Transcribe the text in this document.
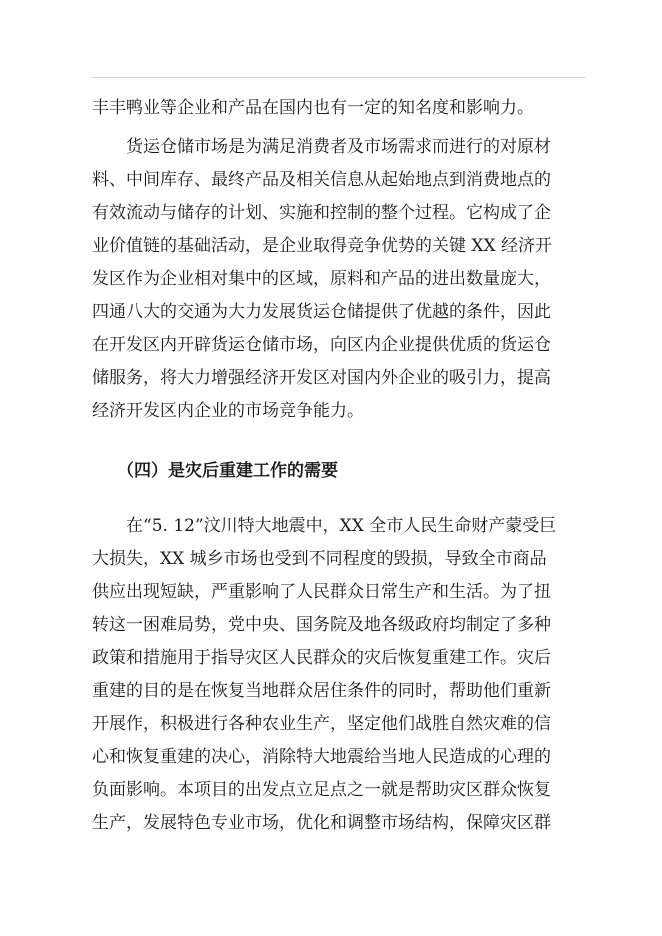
丰丰鸭业等企业和产品在国内也有一定的知名度和影响力。
货运仓储市场是为满足消费者及市场需求而进行的对原材
料、中间库存、最终产品及相关信息从起始地点到消费地点的
有效流动与储存的计划、实施和控制的整个过程。它构成了企
业价值链的基础活动，是企业取得竞争优势的关键 XX 经济开
发区作为企业相对集中的区域，原料和产品的进出数量庞大，
四通八大的交通为大力发展货运仓储提供了优越的条件，因此
在开发区内开辟货运仓储市场，向区内企业提供优质的货运仓
储服务，将大力增强经济开发区对国内外企业的吸引力，提高
经济开发区内企业的市场竞争能力。
（四）是灾后重建工作的需要
在“5. 12”汶川特大地震中，XX 全市人民生命财产蒙受巨
大损失，XX 城乡市场也受到不同程度的毁损，导致全市商品
供应出现短缺，严重影响了人民群众日常生产和生活。为了扭
转这一困难局势，党中央、国务院及地各级政府均制定了多种
政策和措施用于指导灾区人民群众的灾后恢复重建工作。灾后
重建的目的是在恢复当地群众居住条件的同时，帮助他们重新
开展作，积极进行各种农业生产，坚定他们战胜自然灾难的信
心和恢复重建的决心，消除特大地震给当地人民造成的心理的
负面影响。本项目的出发点立足点之一就是帮助灾区群众恢复
生产，发展特色专业市场，优化和调整市场结构，保障灾区群
